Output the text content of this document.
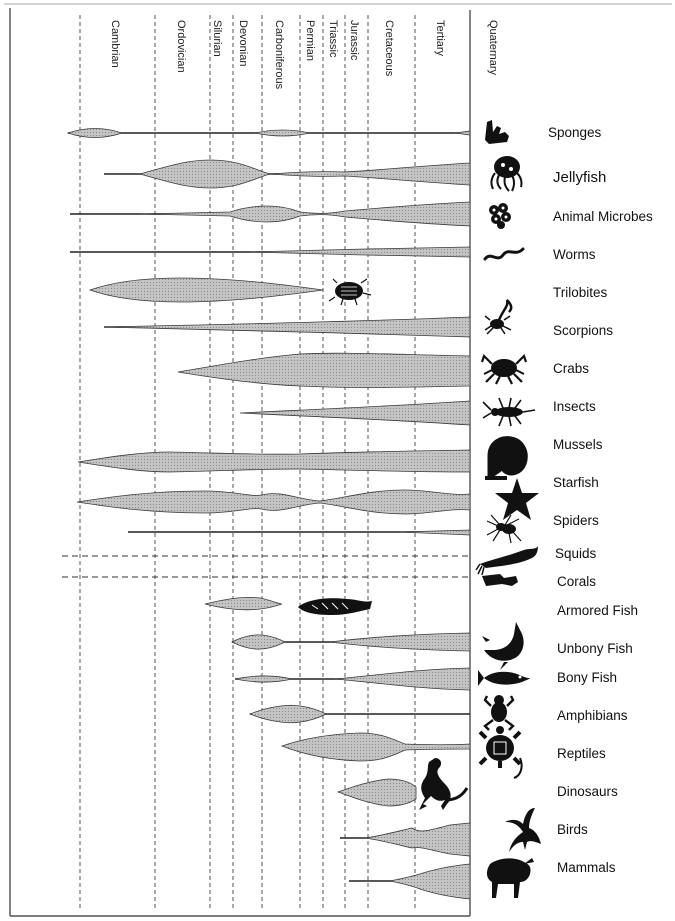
Cambrian	Ordovician Silurian Devonian Carboniferous Permian Triassic Jurassic Cretaceous	Tertiary	Quaternary
Sponges
Jellyfish
Animal Microbes
Worms
Trilobites
Scorpions
Crabs
Insects
Mussels
Starfish
Spiders
Squids
Corals
Armored Fish
Unbony Fish
Bony Fish
Amphibians
Reptiles
Dinosaurs
Birds
Mammals
